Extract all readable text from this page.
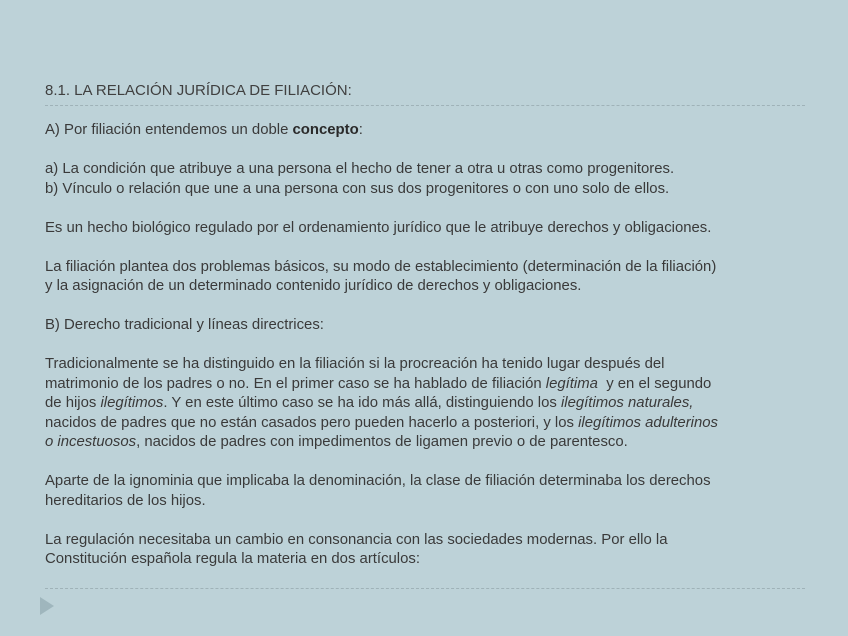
8.1. LA RELACIÓN JURÍDICA DE FILIACIÓN:

A) Por filiación entendemos un doble concepto:

a) La condición que atribuye a una persona el hecho de tener a otra u otras como progenitores.
b) Vínculo o relación que une a una persona con sus dos progenitores o con uno solo de ellos.

Es un hecho biológico regulado por el ordenamiento jurídico que le atribuye derechos y obligaciones.

La filiación plantea dos problemas básicos, su modo de establecimiento (determinación de la filiación)
y la asignación de un determinado contenido jurídico de derechos y obligaciones.

B) Derecho tradicional y líneas directrices:

Tradicionalmente se ha distinguido en la filiación si la procreación ha tenido lugar después del
matrimonio de los padres o no. En el primer caso se ha hablado de filiación legítima  y en el segundo
de hijos ilegítimos. Y en este último caso se ha ido más allá, distinguiendo los ilegítimos naturales,
nacidos de padres que no están casados pero pueden hacerlo a posteriori, y los ilegítimos adulterinos
o incestuosos, nacidos de padres con impedimentos de ligamen previo o de parentesco.

Aparte de la ignominia que implicaba la denominación, la clase de filiación determinaba los derechos
hereditarios de los hijos.

La regulación necesitaba un cambio en consonancia con las sociedades modernas. Por ello la
Constitución española regula la materia en dos artículos:
